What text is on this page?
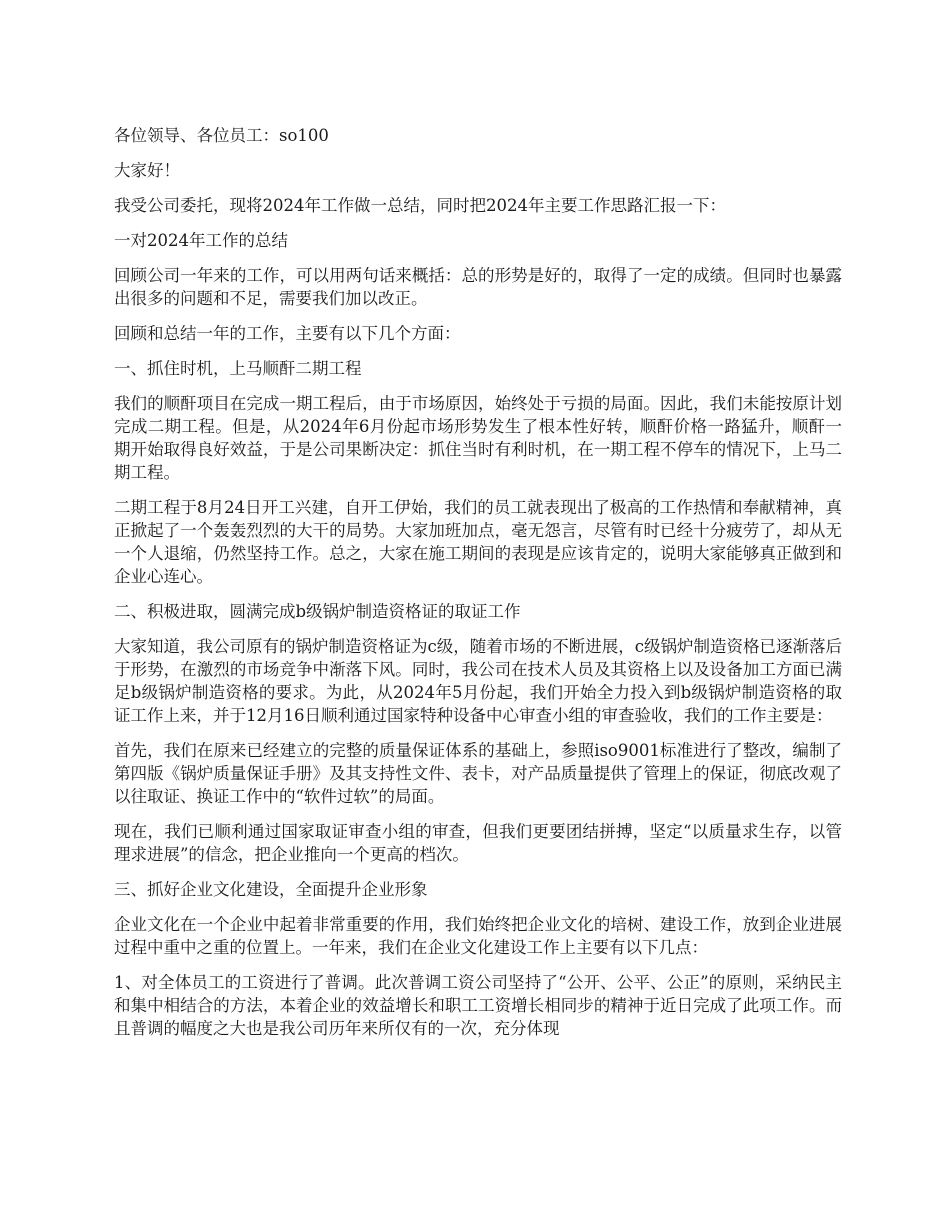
各位领导、各位员工：so100

大家好！

我受公司委托，现将2024年工作做一总结，同时把2024年主要工作思路汇报一下：

一对2024年工作的总结

回顾公司一年来的工作，可以用两句话来概括：总的形势是好的，取得了一定的成绩。但同时也暴露出很多的问题和不足，需要我们加以改正。

回顾和总结一年的工作，主要有以下几个方面：

一、抓住时机，上马顺酐二期工程

我们的顺酐项目在完成一期工程后，由于市场原因，始终处于亏损的局面。因此，我们未能按原计划完成二期工程。但是，从2024年6月份起市场形势发生了根本性好转，顺酐价格一路猛升，顺酐一期开始取得良好效益，于是公司果断决定：抓住当时有利时机，在一期工程不停车的情况下，上马二期工程。

二期工程于8月24日开工兴建，自开工伊始，我们的员工就表现出了极高的工作热情和奉献精神，真正掀起了一个轰轰烈烈的大干的局势。大家加班加点，毫无怨言，尽管有时已经十分疲劳了，却从无一个人退缩，仍然坚持工作。总之，大家在施工期间的表现是应该肯定的，说明大家能够真正做到和企业心连心。

二、积极进取，圆满完成b级锅炉制造资格证的取证工作

大家知道，我公司原有的锅炉制造资格证为c级，随着市场的不断进展，c级锅炉制造资格已逐渐落后于形势，在激烈的市场竞争中渐落下风。同时，我公司在技术人员及其资格上以及设备加工方面已满足b级锅炉制造资格的要求。为此，从2024年5月份起，我们开始全力投入到b级锅炉制造资格的取证工作上来，并于12月16日顺利通过国家特种设备中心审查小组的审查验收，我们的工作主要是：

首先，我们在原来已经建立的完整的质量保证体系的基础上，参照iso9001标准进行了整改，编制了第四版《锅炉质量保证手册》及其支持性文件、表卡，对产品质量提供了管理上的保证，彻底改观了以往取证、换证工作中的“软件过软”的局面。

现在，我们已顺利通过国家取证审查小组的审查，但我们更要团结拼搏，坚定“以质量求生存，以管理求进展”的信念，把企业推向一个更高的档次。

三、抓好企业文化建设，全面提升企业形象

企业文化在一个企业中起着非常重要的作用，我们始终把企业文化的培树、建设工作，放到企业进展过程中重中之重的位置上。一年来，我们在企业文化建设工作上主要有以下几点：

1、对全体员工的工资进行了普调。此次普调工资公司坚持了“公开、公平、公正”的原则，采纳民主和集中相结合的方法，本着企业的效益增长和职工工资增长相同步的精神于近日完成了此项工作。而且普调的幅度之大也是我公司历年来所仅有的一次，充分体现
